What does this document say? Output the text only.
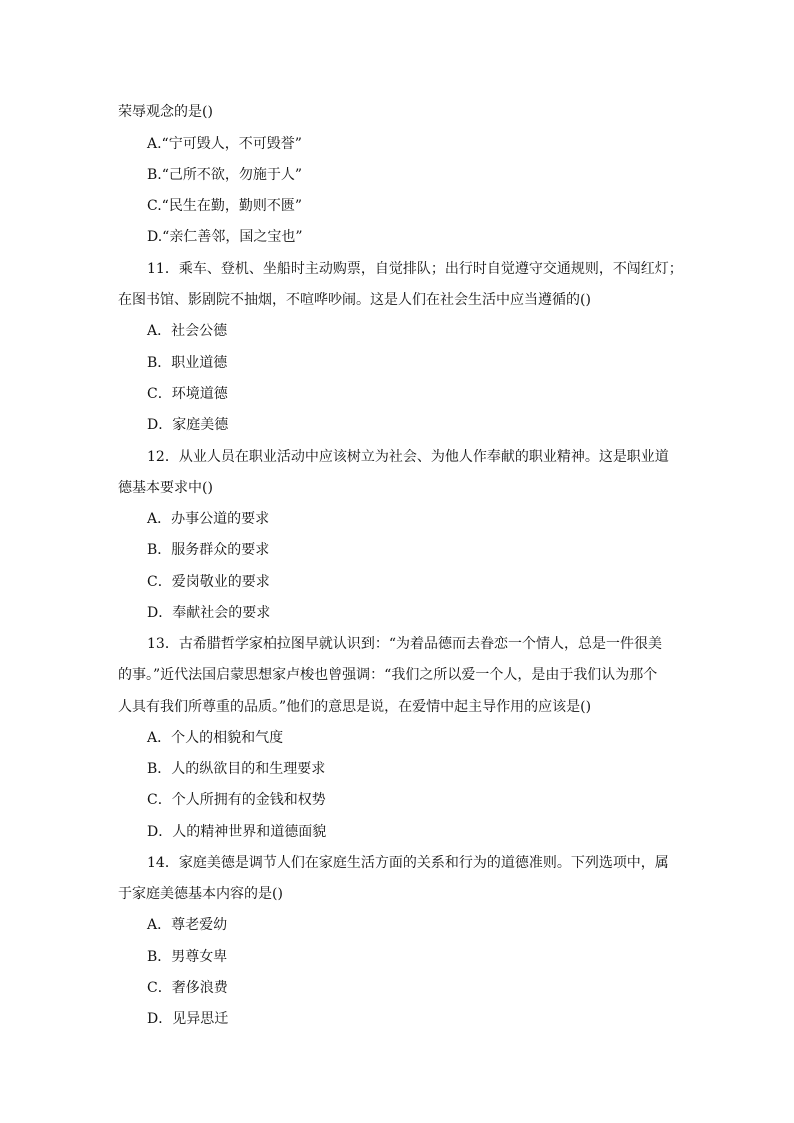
荣辱观念的是()
A.“宁可毁人，不可毁誉”
B.“己所不欲，勿施于人”
C.“民生在勤，勤则不匮”
D.“亲仁善邻，国之宝也”
11．乘车、登机、坐船时主动购票，自觉排队；出行时自觉遵守交通规则，不闯红灯；
在图书馆、影剧院不抽烟，不喧哗吵闹。这是人们在社会生活中应当遵循的()
A．社会公德
B．职业道德
C．环境道德
D．家庭美德
12．从业人员在职业活动中应该树立为社会、为他人作奉献的职业精神。这是职业道
德基本要求中()
A．办事公道的要求
B．服务群众的要求
C．爱岗敬业的要求
D．奉献社会的要求
13．古希腊哲学家柏拉图早就认识到：“为着品德而去眷恋一个情人，总是一件很美
的事。”近代法国启蒙思想家卢梭也曾强调：“我们之所以爱一个人，是由于我们认为那个
人具有我们所尊重的品质。”他们的意思是说，在爱情中起主导作用的应该是()
A．个人的相貌和气度
B．人的纵欲目的和生理要求
C．个人所拥有的金钱和权势
D．人的精神世界和道德面貌
14．家庭美德是调节人们在家庭生活方面的关系和行为的道德准则。下列选项中，属
于家庭美德基本内容的是()
A．尊老爱幼
B．男尊女卑
C．奢侈浪费
D．见异思迁
